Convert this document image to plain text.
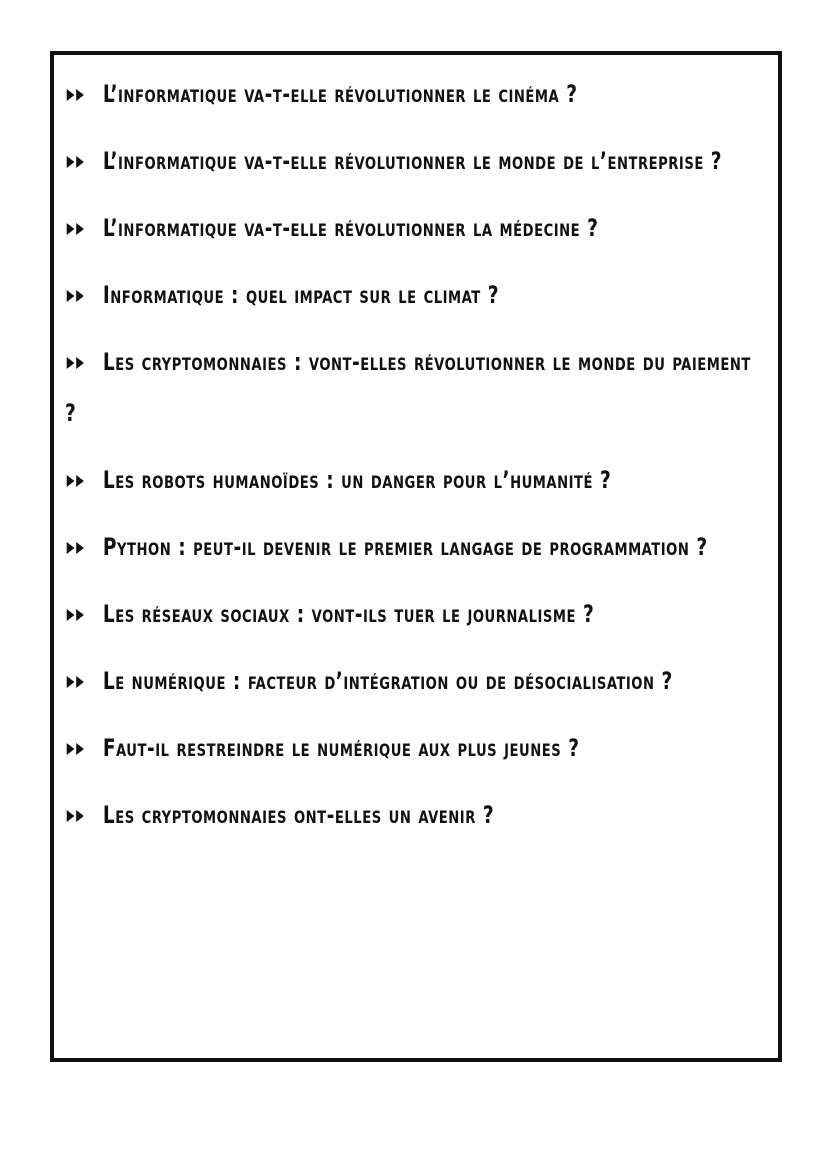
L’informatique va-t-elle révolutionner le cinéma ?
L’informatique va-t-elle révolutionner le monde de l’entreprise ?
L’informatique va-t-elle révolutionner la médecine ?
Informatique : quel impact sur le climat ?
Les cryptomonnaies : vont-elles révolutionner le monde du paiement ?
Les robots humanoïdes : un danger pour l’humanité ?
Python : peut-il devenir le premier langage de programmation ?
Les réseaux sociaux : vont-ils tuer le journalisme ?
Le numérique : facteur d’intégration ou de désocialisation ?
Faut-il restreindre le numérique aux plus jeunes ?
Les cryptomonnaies ont-elles un avenir ?
